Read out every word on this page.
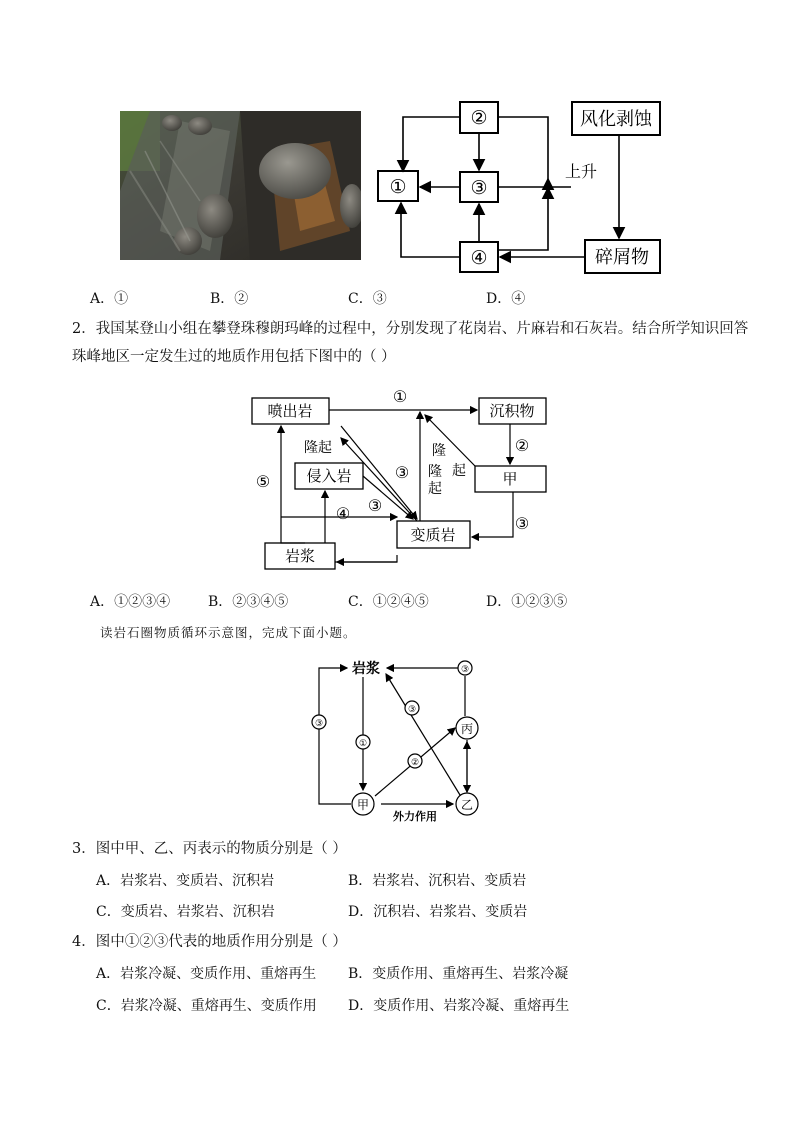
②
①	③
④
风化剥蚀
上升
碎屑物
A．①	B．②	C．③	D．④
2．我国某登山小组在攀登珠穆朗玛峰的过程中，分别发现了花岗岩、片麻岩和石灰岩。结合所学知识回答
珠峰地区一定发生过的地质作用包括下图中的（ ）
喷出岩	沉积物
侵入岩	甲
变质岩
岩浆
隆起	隆
隆
起
起
①
②
③
③
③
④
⑤
A．①②③④	B．②③④⑤	C．①②④⑤	D．①②③⑤
读岩石圈物质循环示意图，完成下面小题。
岩浆
甲	乙
丙
外力作用
③
③
③
①
②
3．图中甲、乙、丙表示的物质分别是（ ）
A．岩浆岩、变质岩、沉积岩	B．岩浆岩、沉积岩、变质岩
C．变质岩、岩浆岩、沉积岩	D．沉积岩、岩浆岩、变质岩
4．图中①②③代表的地质作用分别是（ ）
A．岩浆冷凝、变质作用、重熔再生 B．变质作用、重熔再生、岩浆冷凝
C．岩浆冷凝、重熔再生、变质作用 D．变质作用、岩浆冷凝、重熔再生
